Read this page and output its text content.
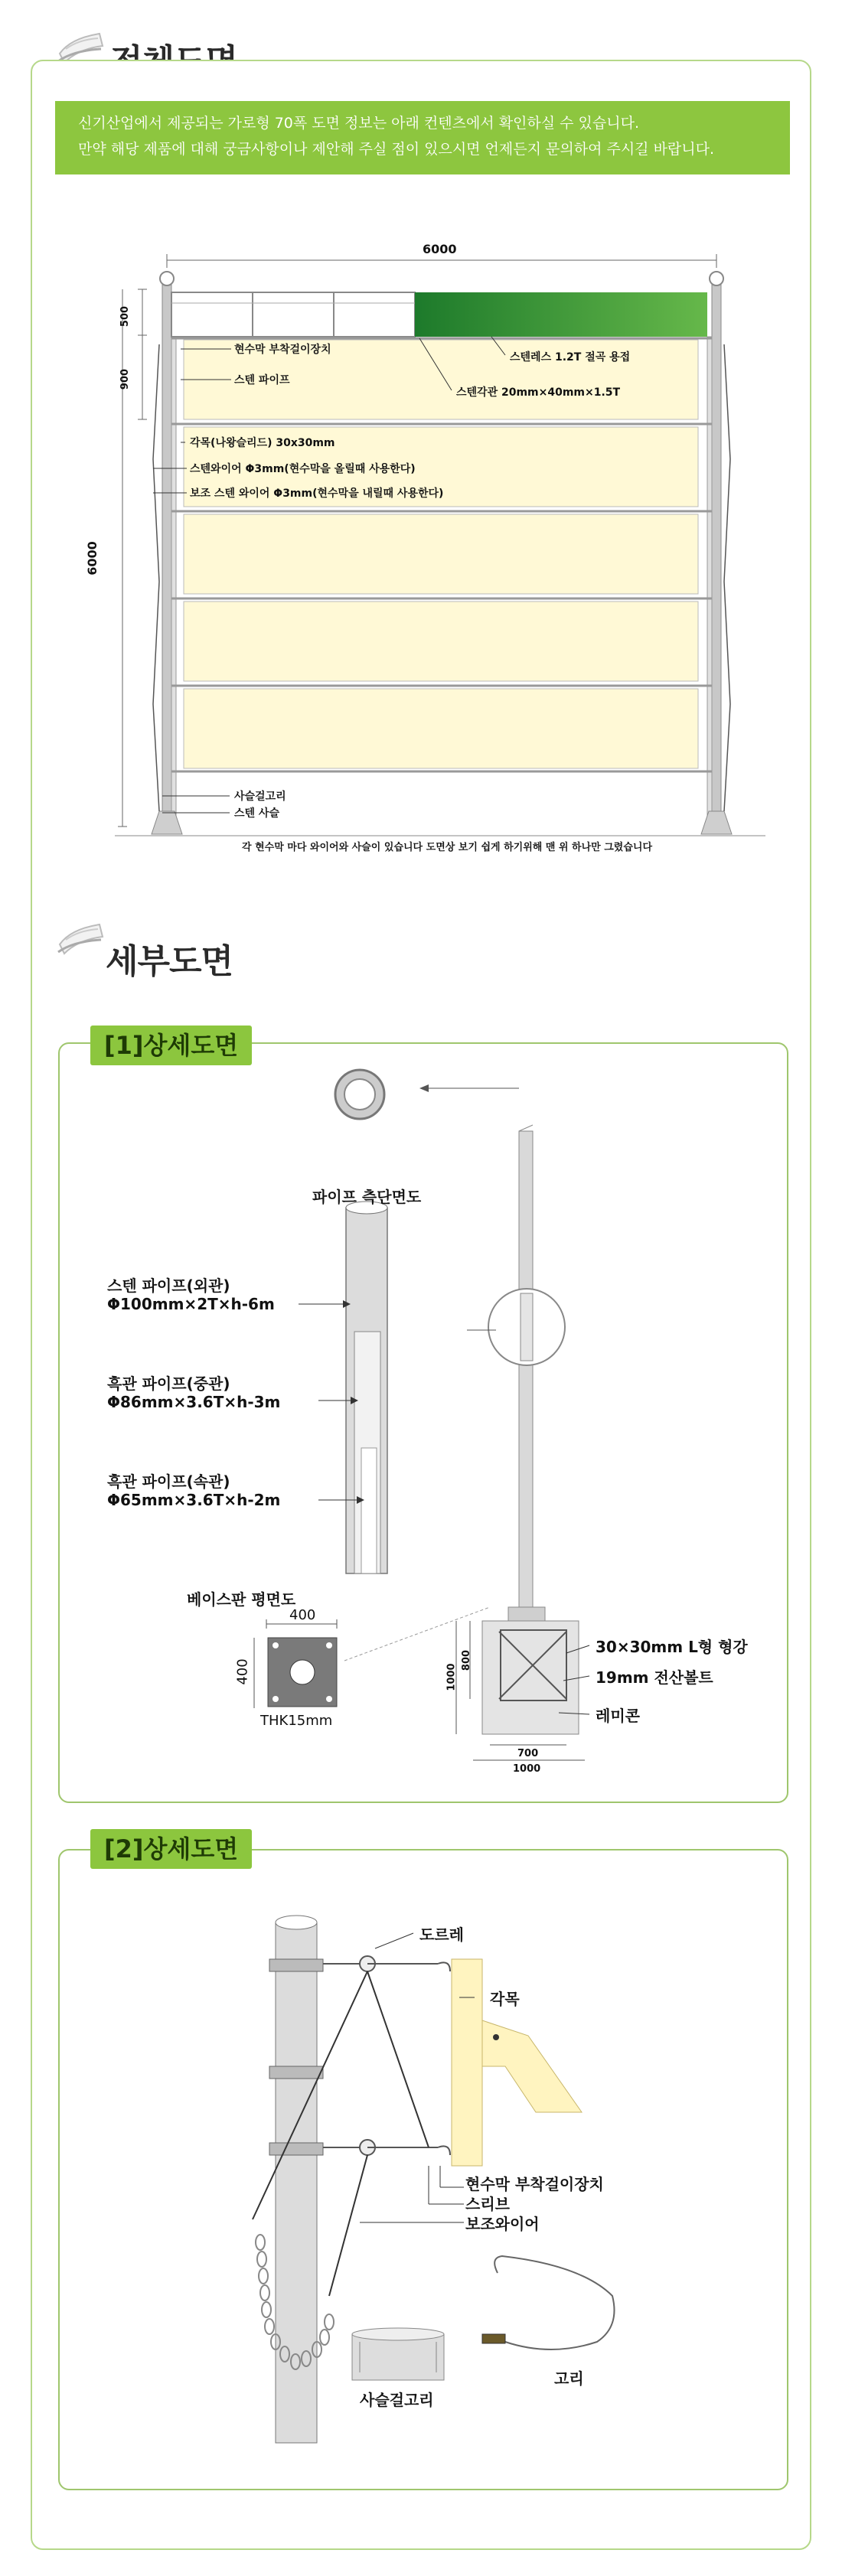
신기산업에서 제공되는 가로형 70폭 도면 정보는 아래 컨텐츠에서 확인하실 수 있습니다.
만약 해당 제품에 대해 궁금사항이나 제안해 주실 점이 있으시면 언제든지 문의하여 주시길 바랍니다.
6000
500
900
6000
현수막 부착걸이장치
스텐레스 1.2T 절곡 용접
스텐 파이프
스텐각관 20mm×40mm×1.5T
각목(나왕슬리드) 30x30mm
스텐와이어 Φ3mm(현수막을 올릴때 사용한다)
보조 스텐 와이어 Φ3mm(현수막을 내릴때 사용한다)
사슬걸고리
스텐 사슬
각 현수막 마다 와이어와 사슬이 있습니다 도면상 보기 쉽게 하기위해 맨 위 하나만 그렸습니다
세부도면
[1]상세도면
파이프 측단면도
스텐 파이프(외관)
Φ100mm×2T×h-6m
흑관 파이프(중관)
Φ86mm×3.6T×h-3m
흑관 파이프(속관)
Φ65mm×3.6T×h-2m
베이스판 평면도
400
400
THK15mm
30×30mm L형 형강
19mm 전산볼트
레미콘
1000
800
700
1000
[2]상세도면
도르레
각목
현수막 부착걸이장치
스리브
보조와이어
고리
사슬걸고리
